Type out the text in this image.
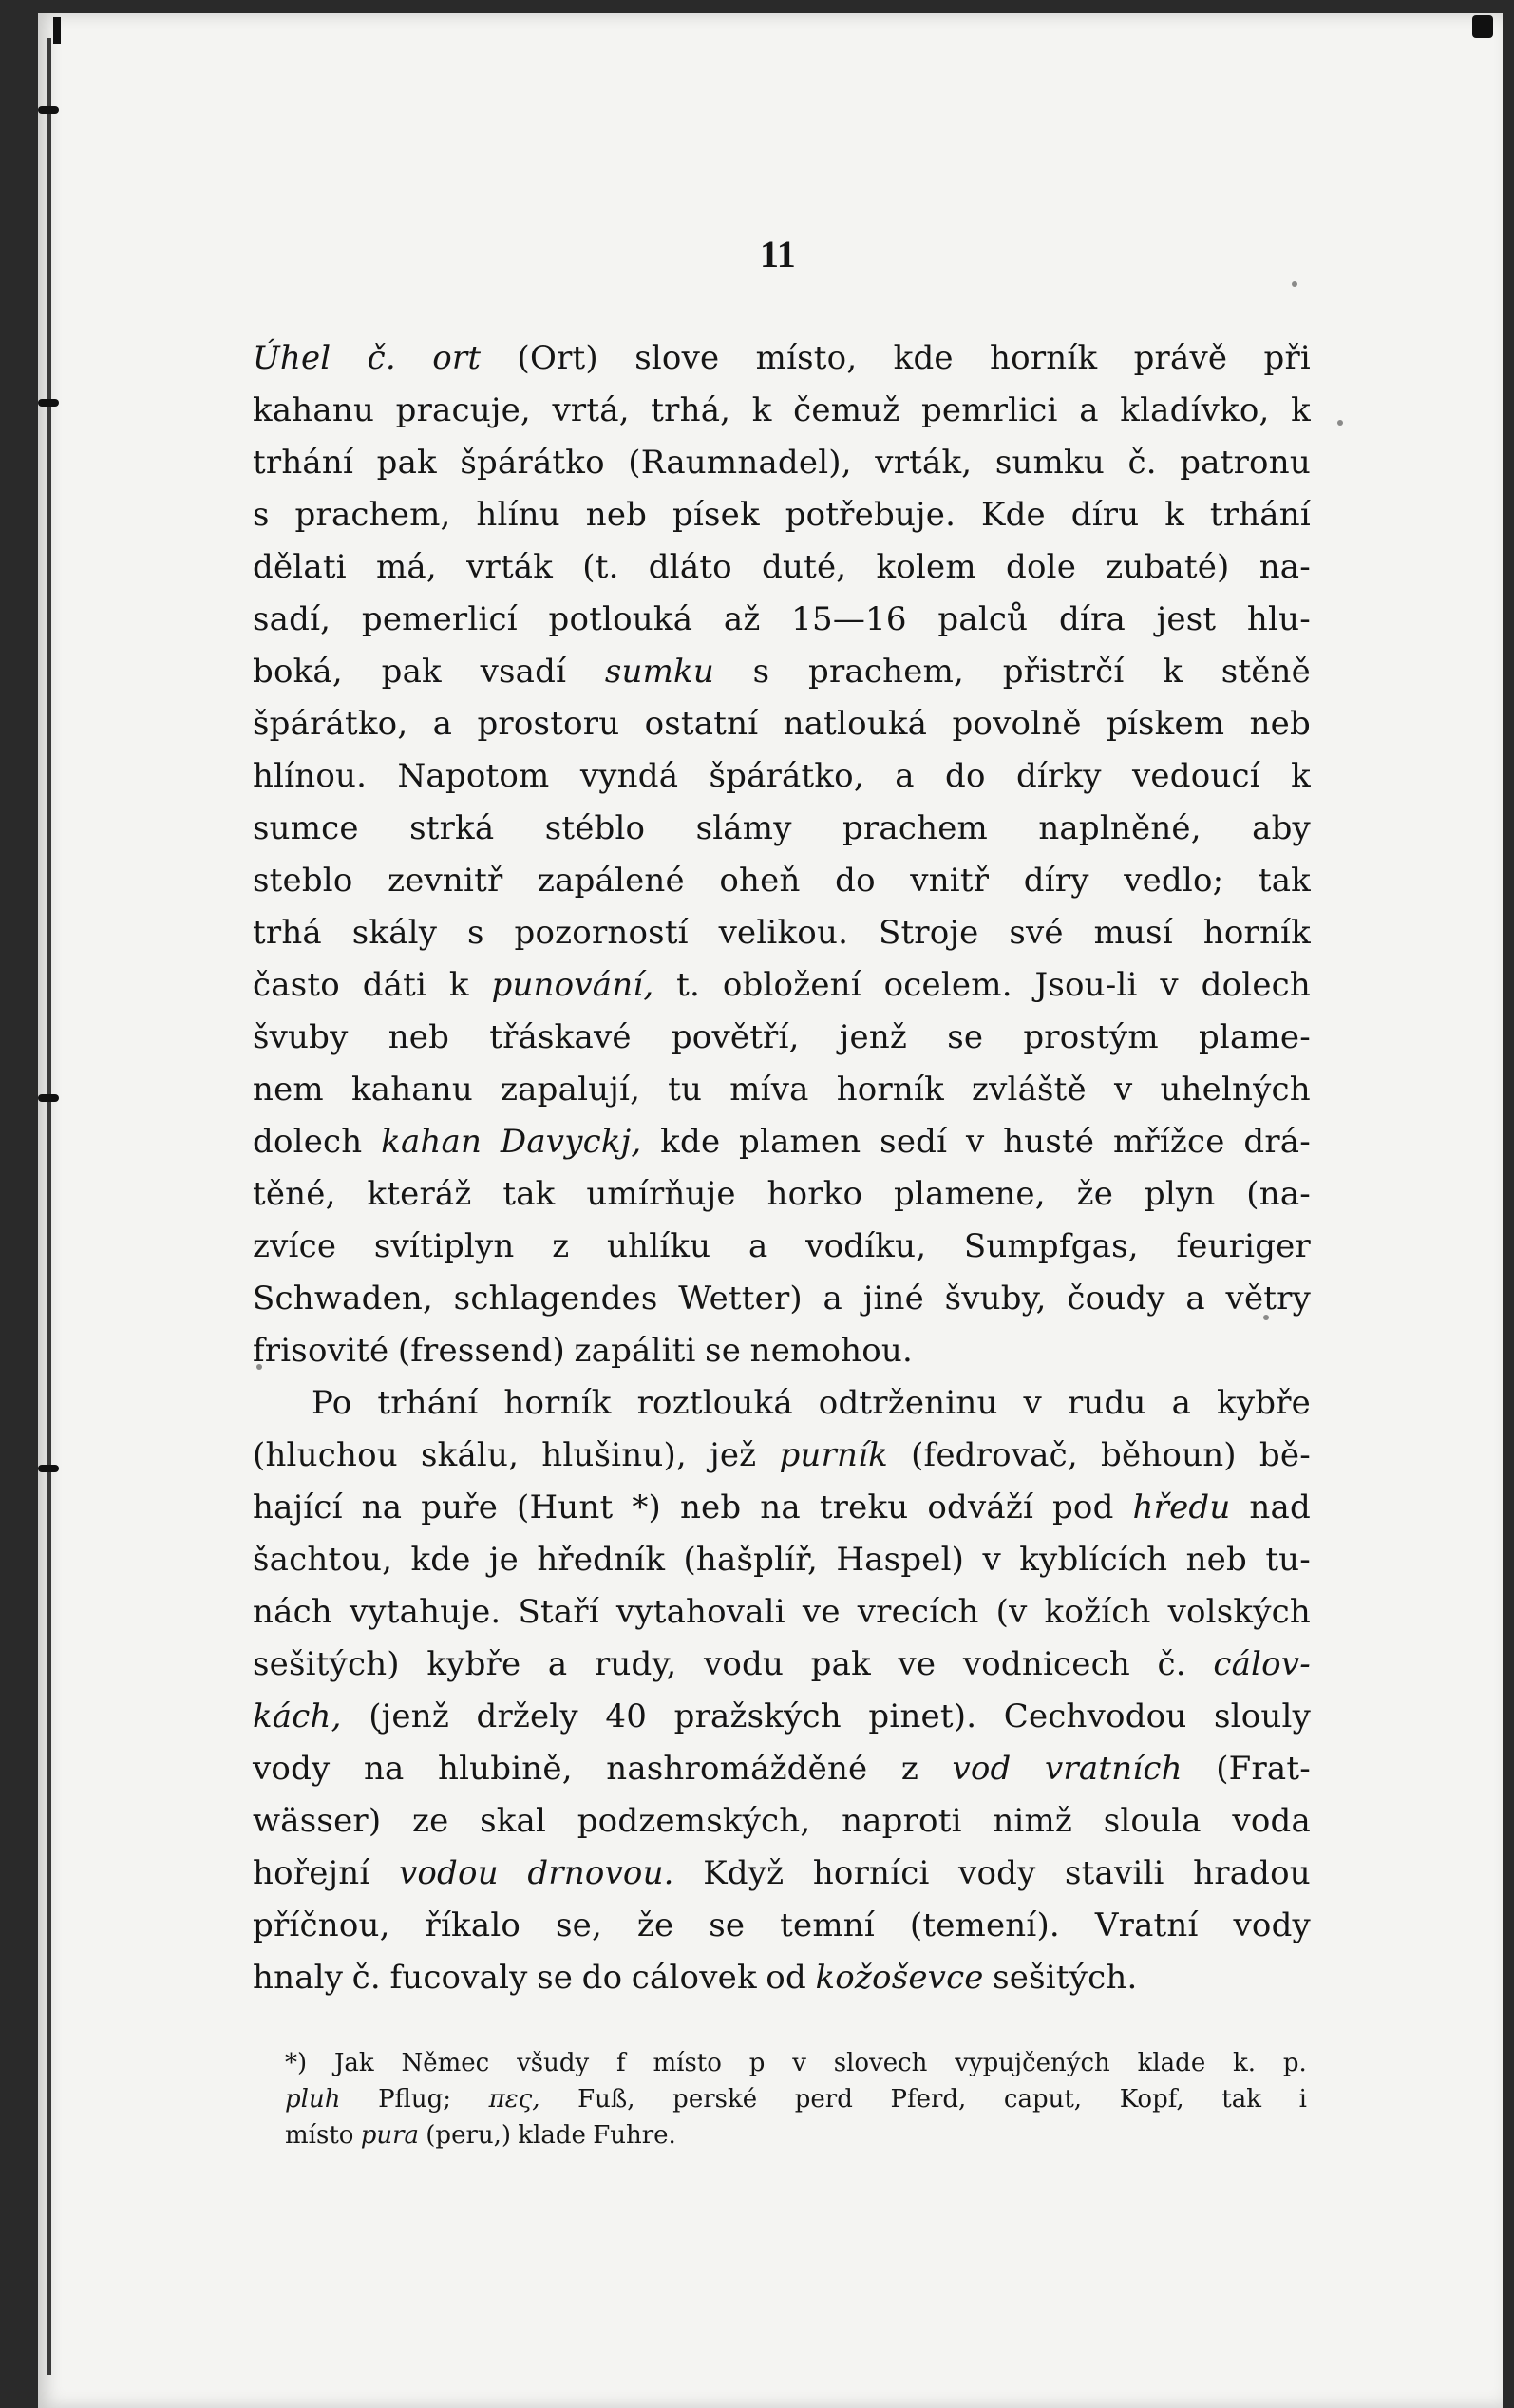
11
Úhel č. ort (Ort) slove místo, kde horník právě při
kahanu pracuje, vrtá, trhá, k čemuž pemrlici a kladívko, k
trhání pak špárátko (Raumnadel), vrták, sumku č. patronu
s prachem, hlínu neb písek potřebuje. Kde díru k trhání
dělati má, vrták (t. dláto duté, kolem dole zubaté) na-
sadí, pemerlicí potlouká až 15—16 palců díra jest hlu-
boká, pak vsadí sumku s prachem, přistrčí k stěně
špárátko, a prostoru ostatní natlouká povolně pískem neb
hlínou. Napotom vyndá špárátko, a do dírky vedoucí k
sumce strká stéblo slámy prachem naplněné, aby
steblo zevnitř zapálené oheň do vnitř díry vedlo; tak
trhá skály s pozorností velikou. Stroje své musí horník
často dáti k punování, t. obložení ocelem. Jsou-li v dolech
švuby neb třáskavé povětří, jenž se prostým plame-
nem kahanu zapalují, tu míva horník zvláště v uhelných
dolech kahan Davyckj, kde plamen sedí v husté mřížce drá-
těné, kteráž tak umírňuje horko plamene, že plyn (na-
zvíce svítiplyn z uhlíku a vodíku, Sumpfgas, feuriger
Schwaden, schlagendes Wetter) a jiné švuby, čoudy a větry
frisovité (fressend) zapáliti se nemohou.
Po trhání horník roztlouká odtrženinu v rudu a kybře
(hluchou skálu, hlušinu), jež purník (fedrovač, běhoun) bě-
hající na puře (Hunt *) neb na treku odváží pod hředu nad
šachtou, kde je hředník (hašplíř, Haspel) v kyblících neb tu-
nách vytahuje. Staří vytahovali ve vrecích (v kožích volských
sešitých) kybře a rudy, vodu pak ve vodnicech č. cálov-
kách, (jenž držely 40 pražských pinet). Cechvodou slouly
vody na hlubině, nashromážděné z vod vratních (Frat-
wässer) ze skal podzemských, naproti nimž sloula voda
hořejní vodou drnovou. Když horníci vody stavili hradou
příčnou, říkalo se, že se temní (temení). Vratní vody
hnaly č. fucovaly se do cálovek od kožoševce sešitých.
*) Jak Němec všudy f místo p v slovech vypujčených klade k. p.
pluh Pflug; πες, Fuß, perské perd Pferd, caput, Kopf, tak i
místo pura (peru,) klade Fuhre.
